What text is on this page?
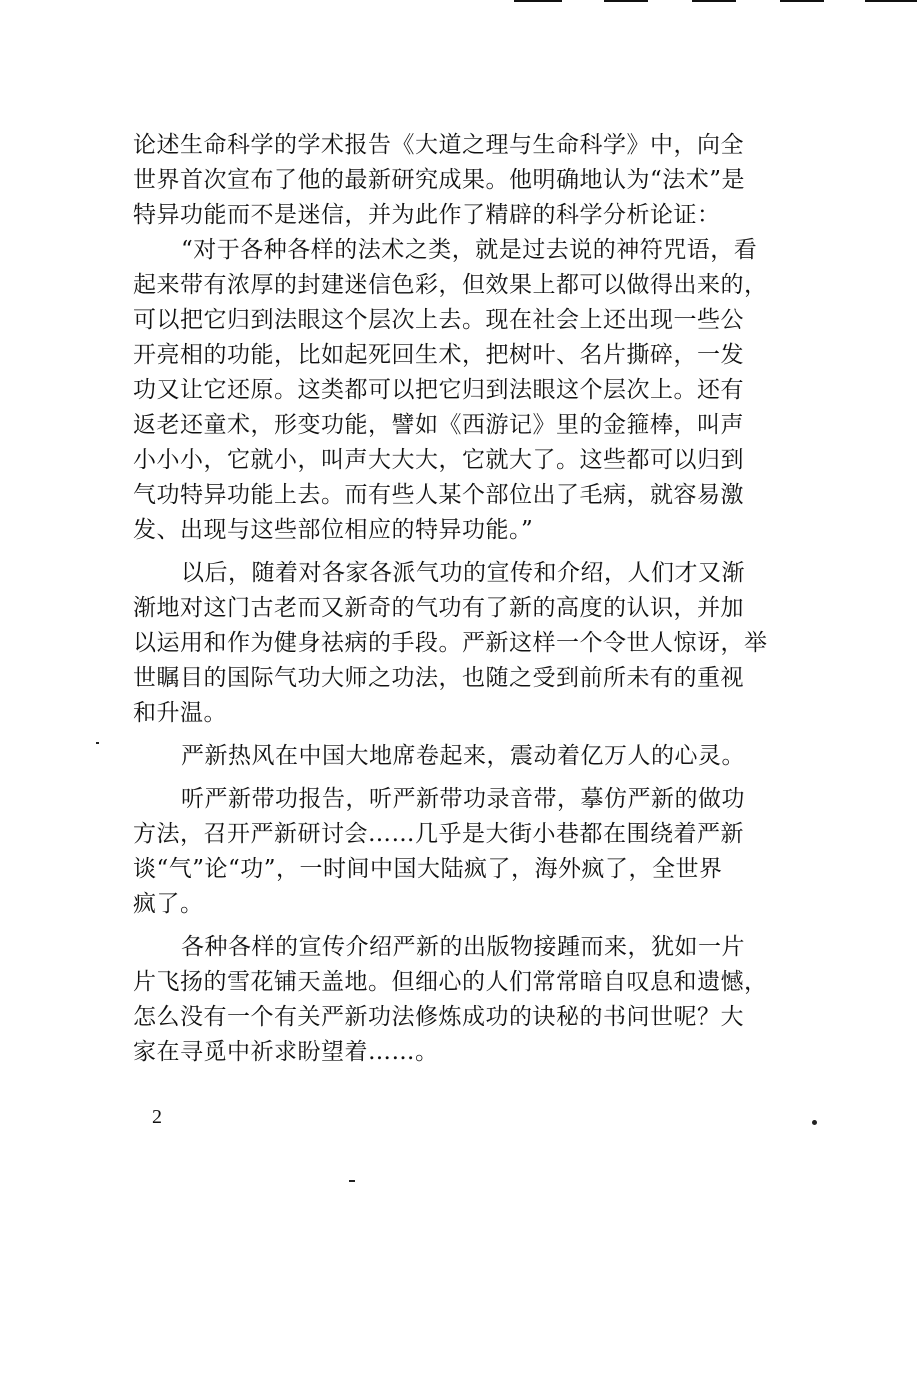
论述生命科学的学术报告《大道之理与生命科学》中，向全
世界首次宣布了他的最新研究成果。他明确地认为“法术”是
特异功能而不是迷信，并为此作了精辟的科学分析论证：
“对于各种各样的法术之类，就是过去说的神符咒语，看
起来带有浓厚的封建迷信色彩，但效果上都可以做得出来的，
可以把它归到法眼这个层次上去。现在社会上还出现一些公
开亮相的功能，比如起死回生术，把树叶、名片撕碎，一发
功又让它还原。这类都可以把它归到法眼这个层次上。还有
返老还童术，形变功能，譬如《西游记》里的金箍棒，叫声
小小小，它就小，叫声大大大，它就大了。这些都可以归到
气功特异功能上去。而有些人某个部位出了毛病，就容易激
发、出现与这些部位相应的特异功能。”
以后，随着对各家各派气功的宣传和介绍，人们才又渐
渐地对这门古老而又新奇的气功有了新的高度的认识，并加
以运用和作为健身祛病的手段。严新这样一个令世人惊讶，举
世瞩目的国际气功大师之功法，也随之受到前所未有的重视
和升温。
严新热风在中国大地席卷起来，震动着亿万人的心灵。
听严新带功报告，听严新带功录音带，摹仿严新的做功
方法，召开严新研讨会……几乎是大街小巷都在围绕着严新
谈“气”论“功”，一时间中国大陆疯了，海外疯了，全世界
疯了。
各种各样的宣传介绍严新的出版物接踵而来，犹如一片
片飞扬的雪花铺天盖地。但细心的人们常常暗自叹息和遗憾，
怎么没有一个有关严新功法修炼成功的诀秘的书问世呢？大
家在寻觅中祈求盼望着……。
2
